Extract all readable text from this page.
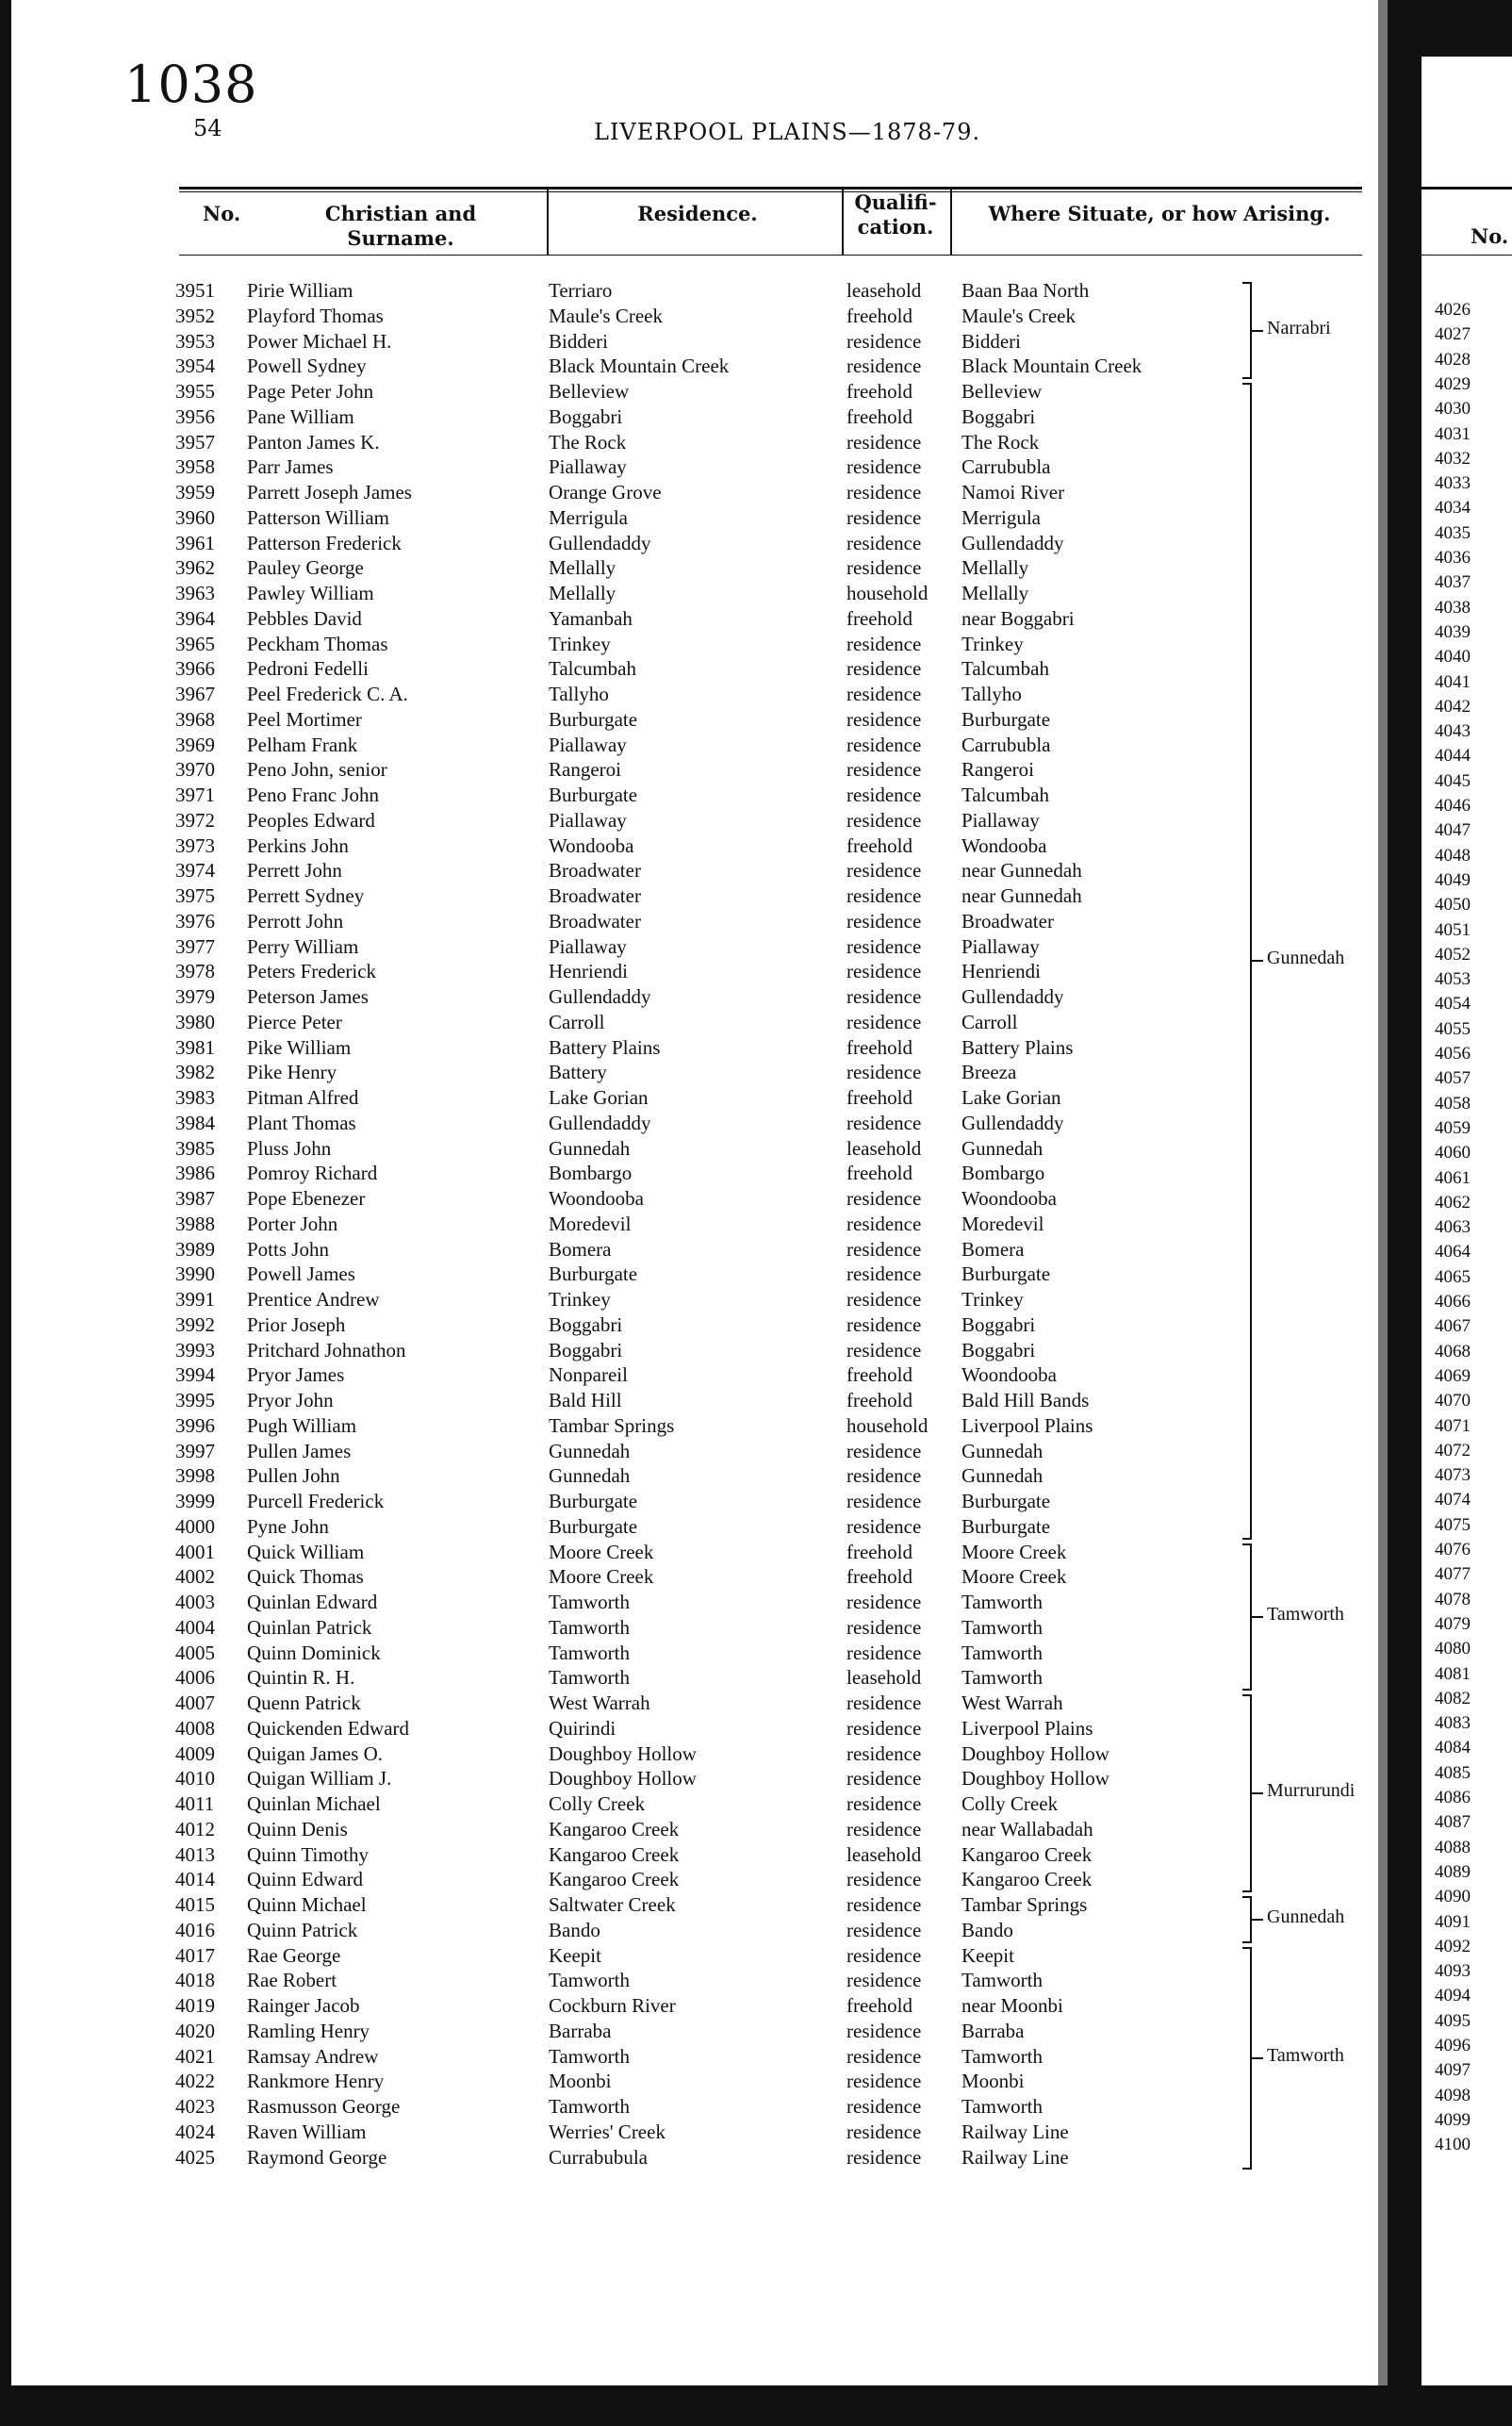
1038
54	LIVERPOOL PLAINS—1878-79.
No.	Christian and Surname.
Residence.	Qualifi-
cation.
Where Situate, or how Arising.
3951 Pirie William	Terriaro	leasehold Baan Baa North
3952 Playford Thomas	Maule's Creek	freehold Maule's Creek
3953 Power Michael H.	Bidderi	residence Bidderi
3954 Powell Sydney	Black Mountain Creek	residence Black Mountain Creek
3955 Page Peter John	Belleview	freehold Belleview
3956 Pane William	Boggabri	freehold Boggabri
3957 Panton James K.	The Rock	residence The Rock
3958 Parr James	Piallaway	residence Carrububla
3959 Parrett Joseph James	Orange Grove	residence Namoi River
3960 Patterson William	Merrigula	residence Merrigula
3961 Patterson Frederick	Gullendaddy	residence Gullendaddy
3962 Pauley George	Mellally	residence Mellally
3963 Pawley William	Mellally	household Mellally
3964 Pebbles David	Yamanbah	freehold near Boggabri
3965 Peckham Thomas	Trinkey	residence Trinkey
3966 Pedroni Fedelli	Talcumbah	residence Talcumbah
3967 Peel Frederick C. A.	Tallyho	residence Tallyho
3968 Peel Mortimer	Burburgate	residence Burburgate
3969 Pelham Frank	Piallaway	residence Carrububla
3970 Peno John, senior	Rangeroi	residence Rangeroi
3971 Peno Franc John	Burburgate	residence Talcumbah
3972 Peoples Edward	Piallaway	residence Piallaway
3973 Perkins John	Wondooba	freehold Wondooba
3974 Perrett John	Broadwater	residence near Gunnedah
3975 Perrett Sydney	Broadwater	residence near Gunnedah
3976 Perrott John	Broadwater	residence Broadwater
3977 Perry William	Piallaway	residence Piallaway
3978 Peters Frederick	Henriendi	residence Henriendi
3979 Peterson James	Gullendaddy	residence Gullendaddy
3980 Pierce Peter	Carroll	residence Carroll
3981 Pike William	Battery Plains	freehold Battery Plains
3982 Pike Henry	Battery	residence Breeza
3983 Pitman Alfred	Lake Gorian	freehold Lake Gorian
3984 Plant Thomas	Gullendaddy	residence Gullendaddy
3985 Pluss John	Gunnedah	leasehold Gunnedah
3986 Pomroy Richard	Bombargo	freehold Bombargo
3987 Pope Ebenezer	Woondooba	residence Woondooba
3988 Porter John	Moredevil	residence Moredevil
3989 Potts John	Bomera	residence Bomera
3990 Powell James	Burburgate	residence Burburgate
3991 Prentice Andrew	Trinkey	residence Trinkey
3992 Prior Joseph	Boggabri	residence Boggabri
3993 Pritchard Johnathon	Boggabri	residence Boggabri
3994 Pryor James	Nonpareil	freehold Woondooba
3995 Pryor John	Bald Hill	freehold Bald Hill Bands
3996 Pugh William	Tambar Springs	household Liverpool Plains
3997 Pullen James	Gunnedah	residence Gunnedah
3998 Pullen John	Gunnedah	residence Gunnedah
3999 Purcell Frederick	Burburgate	residence Burburgate
4000 Pyne John	Burburgate	residence Burburgate
4001 Quick William	Moore Creek	freehold Moore Creek
4002 Quick Thomas	Moore Creek	freehold Moore Creek
4003 Quinlan Edward	Tamworth	residence Tamworth
4004 Quinlan Patrick	Tamworth	residence Tamworth
4005 Quinn Dominick	Tamworth	residence Tamworth
4006 Quintin R. H.	Tamworth	leasehold Tamworth
4007 Quenn Patrick	West Warrah	residence West Warrah
4008 Quickenden Edward	Quirindi	residence Liverpool Plains
4009 Quigan James O.	Doughboy Hollow	residence Doughboy Hollow
4010 Quigan William J.	Doughboy Hollow	residence Doughboy Hollow
4011 Quinlan Michael	Colly Creek	residence Colly Creek
4012 Quinn Denis	Kangaroo Creek	residence near Wallabadah
4013 Quinn Timothy	Kangaroo Creek	leasehold Kangaroo Creek
4014 Quinn Edward	Kangaroo Creek	residence Kangaroo Creek
4015 Quinn Michael	Saltwater Creek	residence Tambar Springs
4016 Quinn Patrick	Bando	residence Bando
4017 Rae George	Keepit	residence Keepit
4018 Rae Robert	Tamworth	residence Tamworth
4019 Rainger Jacob	Cockburn River	freehold near Moonbi
4020 Ramling Henry	Barraba	residence Barraba
4021 Ramsay Andrew	Tamworth	residence Tamworth
4022 Rankmore Henry	Moonbi	residence Moonbi
4023 Rasmusson George	Tamworth	residence Tamworth
4024 Raven William	Werries' Creek	residence Railway Line
4025 Raymond George	Currabubula	residence Railway Line
Narrabri
Gunnedah
Tamworth
Murrurundi
Gunnedah
Tamworth
No.
4026
4027
4028
4029
4030
4031
4032
4033
4034
4035
4036
4037
4038
4039
4040
4041
4042
4043
4044
4045
4046
4047
4048
4049
4050
4051
4052
4053
4054
4055
4056
4057
4058
4059
4060
4061
4062
4063
4064
4065
4066
4067
4068
4069
4070
4071
4072
4073
4074
4075
4076
4077
4078
4079
4080
4081
4082
4083
4084
4085
4086
4087
4088
4089
4090
4091
4092
4093
4094
4095
4096
4097
4098
4099
4100
